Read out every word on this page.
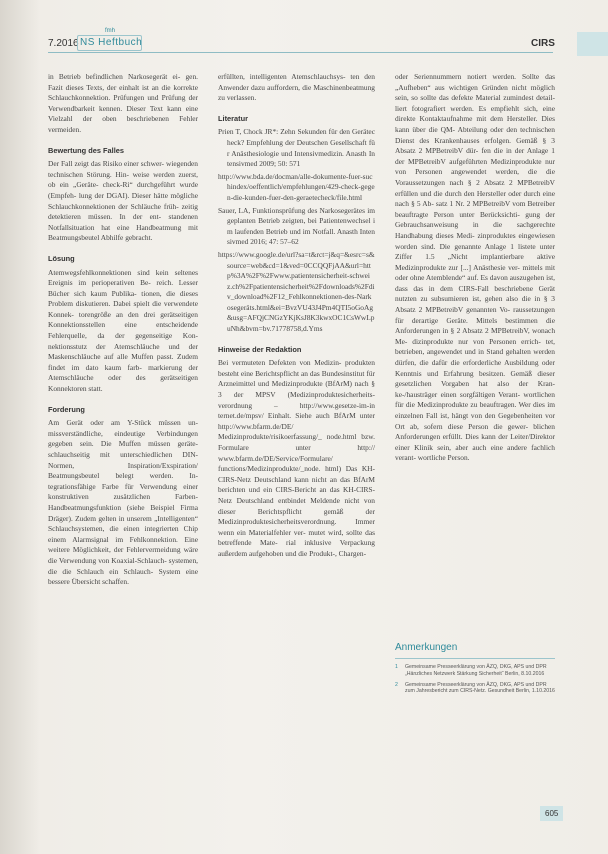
7.2016
fmh
NS Heftbuch	CIRS

in Betrieb befindlichen Narkosegerät ei- gen. Fazit dieses Texts, der einhalt ist an die korrekte Schlauchkonnektion. Prüfungen und Prüfung der Verwendbarkeit kennen. Dieser Text kann eine Vielzahl der oben beschriebenen Fehler vermeiden.

Bewertung des Falles

Der Fall zeigt das Risiko einer schwer- wiegenden technischen Störung. Hin- weise werden zuerst, ob ein „Geräte- check-Ri“ durchgeführt wurde (Empfeh- lung der DGAI). Dieser hätte mögliche Schlauchkonnektionen der Schläuche früh- zeitig detektieren müssen. In der ent- standenen Notfallsituation hat eine Handbeatmung mit Beatmungsbeutel Abhilfe gebracht.

Lösung

Atemwegsfehlkonnektionen sind kein seltenes Ereignis im perioperativen Be- reich. Lesser Bücher sich kaum Publika- tionen, die dieses Problem diskutieren. Dabei spielt die verwendete Konnek- torengröße an den drei gerätseitigen Konnektionsstellen eine entscheidende Fehlerquelle, da der gegenseitige Kon- nektionsstutz der Atemschläuche und der Maskenschläuche auf alle Muffen passt. Zudem findet im dato kaum farb- markierung der Atemschläuche oder des gerätseitigen Konnektoren statt.

Forderung

Am Gerät oder am Y-Stück müssen un- missverständliche, eindeutige Verbindungen gegeben sein. Die Muffen müssen geräte- schlauchseitig mit unterschiedlichen DIN-Normen, Inspiration/Exspiration/ Beatmungsbeutel belegt werden. In- tegrationsfähige Farbe für Verwendung einer konstruktiven zusätzlichen Farben- Handbeatmungsfunktion (siehe Beispiel Firma Dräger). Zudem gelten in unserem „Intelligenten“ Schlauchsystemen, die einen integrierten Chip einem Alarmsignal im Fehlkonnektion. Eine weitere Möglichkeit, der Fehlervermeidung wäre die Verwendung von Koaxial-Schlauch- systemen, die die Schlauch ein Schlauch- System eine bessere Übersicht schaffen.

erfüllten, intelligenten Atemschlauchsys- ten den Anwender dazu auffordern, die Maschinenbeatmung zu verlassen.

Literatur

Prien T, Chock JR*: Zehn Sekunden für den Gerätecheck? Empfehlung der Deutschen Gesellschaft für Anästhesiologie und Intensivmedizin. Anasth Intensivmed 2009; 50: 571

http://www.bda.de/docman/alle-dokumente-fuer-suchindex/oeffentlich/empfehlungen/429-check-gegen-die-kunden-fuer-den-geraetecheck/file.html

Sauer, LA, Funktionsprüfung des Narkosegerätes im geplanten Betrieb zeigten, bei Patientenwechsel im laufenden Betrieb und im Notfall. Anasth Intensivmed 2016; 47: 57–62

https://www.google.de/url?sa=t&rct=j&q=&esrc=s&source=web&cd=1&ved=0CCQQFjAA&url=http%3A%2F%2Fwww.patientensicherheit-schweiz.ch%2Fpatientensicherheit%2Fdownloads%2Fdiv_download%2F12_Fehlkonnektionen-des-Narkosegeräts.html&ei=BvzVU43J4Pm4QTI5oGoAg&usg=AFQjCNGzYKjKsJ8K3kwxOC1CsWwLpuNh&bvm=bv.71778758,d.Yms

Hinweise der Redaktion

Bei vermuteten Defekten von Medizin- produkten besteht eine Berichtspflicht an das Bundesinstitut für Arzneimittel und Medizinprodukte (BfArM) nach § 3 der MPSV (Medizinproduktesicherheits- verordnung – http://www.gesetze-im-in ternet.de/mpsv/ Einhalt. Siehe auch BfArM unter http://www.bfarm.de/DE/ Medizinprodukte/risikoerfassung/_ node.html bzw. Formulare unter http:// www.bfarm.de/DE/Service/Formulare/ functions/Medizinprodukte/_node. html) Das KH-CIRS-Netz Deutschland kann nicht an das BfArM berichten und ein CIRS-Bericht an das KH-CIRS-Netz Deutschland entbindet Meldende nicht von dieser Berichtspflicht gemäß der Medizinproduktesicherheitsverordnung. Immer wenn ein Materialfehler ver- mutet wird, sollte das betreffende Mate- rial inklusive Verpackung außerdem aufgehoben und die Produkt-, Chargen-

oder Seriennummern notiert werden. Sollte das „Aufheben“ aus wichtigen Gründen nicht möglich sein, so sollte das defekte Material zumindest detail- liert fotografiert werden. Es empfiehlt sich, eine direkte Kontaktaufnahme mit dem Hersteller. Dies kann über die QM- Abteilung oder den technischen Dienst des Krankenhauses erfolgen. Gemäß § 3 Absatz 2 MPBetreibV dür- fen die in der Anlage 1 der MPBetreibV aufgeführten Medizinprodukte nur von Personen angewendet werden, die die Voraussetzungen nach § 2 Absatz 2 MPBetreibV erfüllen und die durch den Hersteller oder durch eine nach § 5 Ab- satz 1 Nr. 2 MPBetreibV vom Betreiber beauftragte Person unter Berücksichti- gung der Gebrauchsanweisung in die sachgerechte Handhabung dieses Medi- zinproduktes eingewiesen worden sind. Die genannte Anlage 1 listete unter Ziffer 1.5 „Nicht implantierbare aktive Medizinprodukte zur [...] Anästhesie ver- mittels mit oder ohne Atemblende“ auf. Es davon auszugehen ist, dass das in dem CIRS-Fall beschriebene Gerät nutzten zu subsumieren ist, gehen also die in § 3 Absatz 2 MPBetreibV genannten Vo- raussetzungen für derartige Geräte. Mittels bestimmen die Anforderungen in § 2 Absatz 2 MPBetreibV, wonach Me- dizinprodukte nur von Personen errich- tet, betrieben, angewendet und in Stand gehalten werden dürfen, die dafür die erforderliche Ausbildung oder Kenntnis und Erfahrung besitzen. Gemäß dieser gesetzlichen Vorgaben hat also der Kran- ke-/hausträger einen sorgfältigen Verant- wortlichen für die Medizinprodukte zu beauftragen. Wer dies im einzelnen Fall ist, hängt von den Gegebenheiten vor Ort ab, sofern diese Person die gewer- blichen Anforderungen erfüllt. Dies kann der Leiter/Direktor einer Klinik sein, aber auch eine andere fachlich verant- wortliche Person.

Anmerkungen
1 Gemeinsame Presseerklärung von ÄZQ, DKG, APS und DPR „Hänzliches Netzwerk Stärkung Sicherheit“ Berlin, 8.10.2016
2 Gemeinsame Presseerklärung von ÄZQ, DKG, APS und DPR zum Jahresbericht zum CIRS-Netz. Gesundheit Berlin, 1.10.2016
605
